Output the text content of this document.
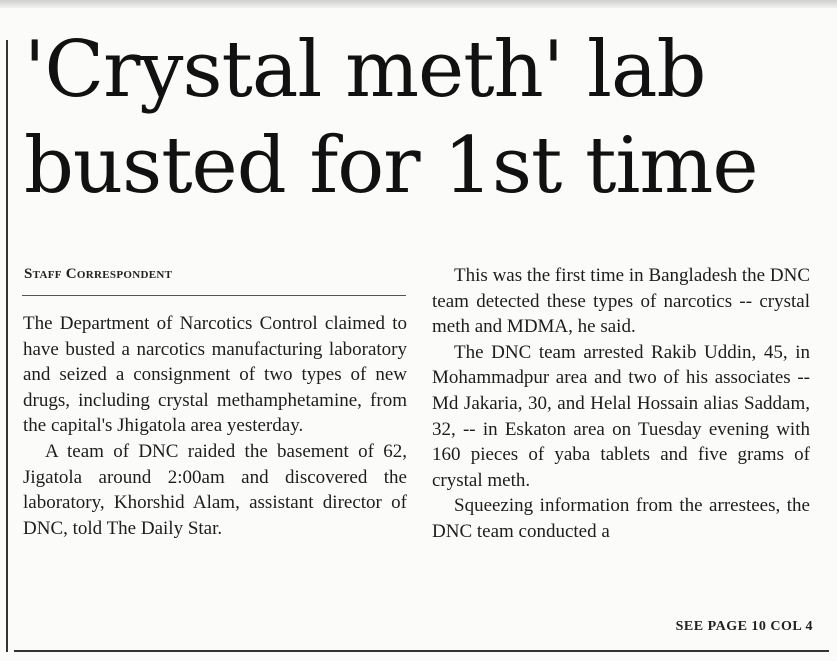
'Crystal meth' lab
busted for 1st time
Staff Correspondent

The Department of Narcotics Control claimed to have busted a narcotics manufacturing laboratory and seized a consignment of two types of new drugs, including crystal methamphetamine, from the capital's Jhigatola area yesterday.

A team of DNC raided the basement of 62, Jigatola around 2:00am and discovered the laboratory, Khorshid Alam, assistant director of DNC, told The Daily Star.

This was the first time in Bangladesh the DNC team detected these types of narcotics -- crystal meth and MDMA, he said.

The DNC team arrested Rakib Uddin, 45, in Mohammadpur area and two of his associates -- Md Jakaria, 30, and Helal Hossain alias Saddam, 32, -- in Eskaton area on Tuesday evening with 160 pieces of yaba tablets and five grams of crystal meth.

Squeezing information from the arrestees, the DNC team conducted a

SEE PAGE 10 COL 4
